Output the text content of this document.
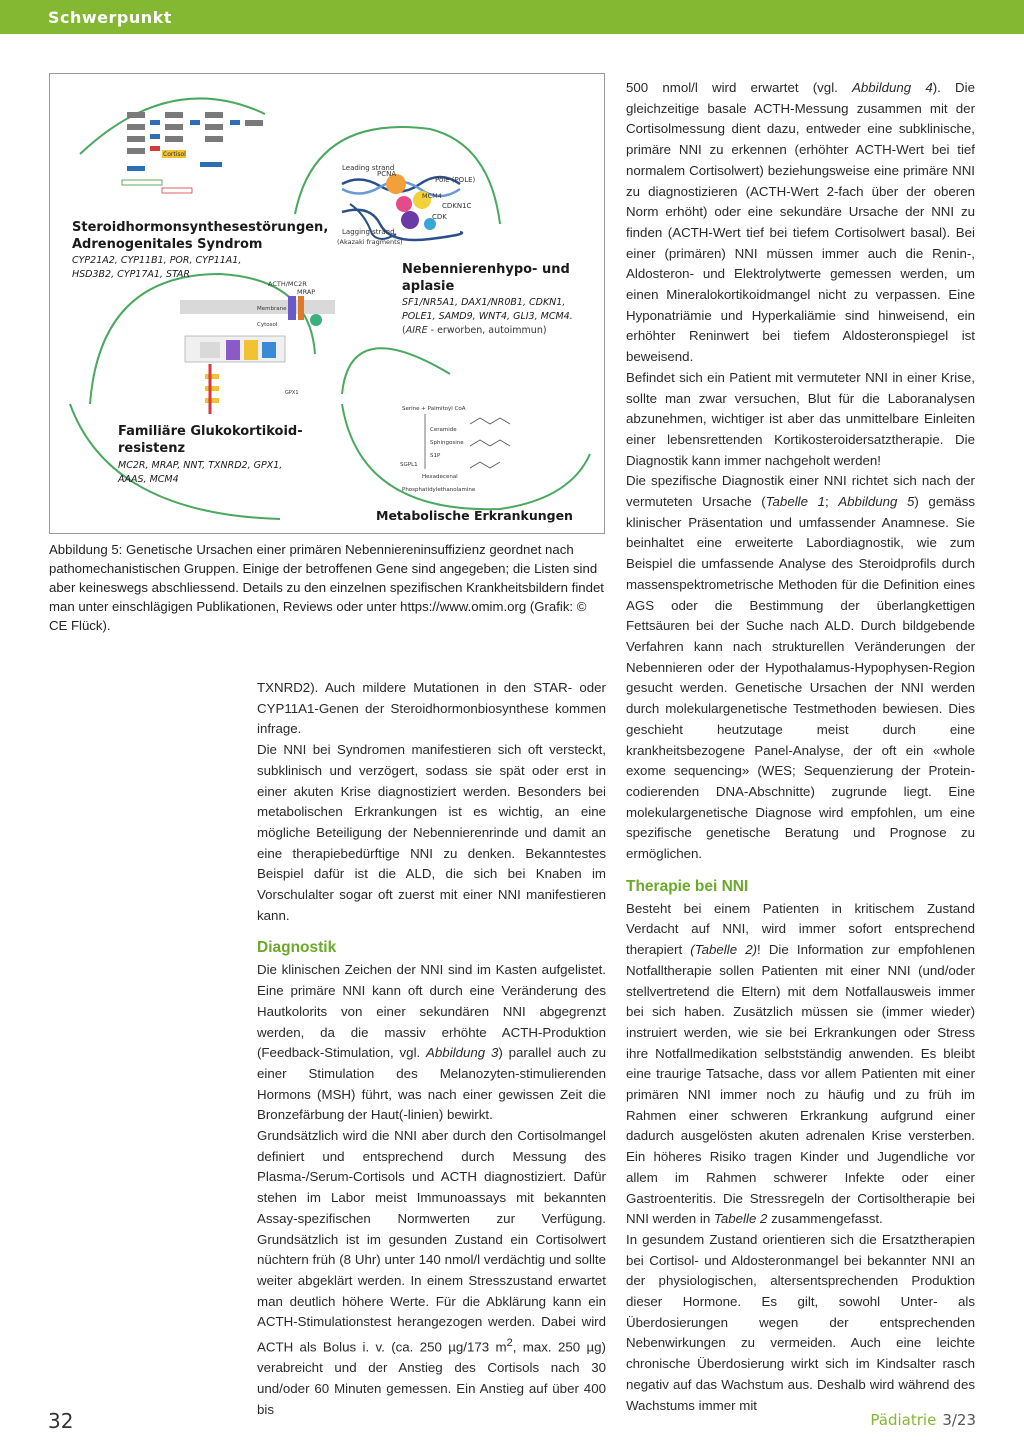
Schwerpunkt
Cortisol
Steroidhormonsynthesestörungen,
Adrenogenitales Syndrom
CYP21A2, CYP11B1, POR, CYP11A1,
HSD3B2, CYP17A1, STAR
Leading strand
PCNA
Pole (POLE)
MCM4
CDKN1C
CDK
Lagging strand
(Akazaki fragments)
Nebennierenhypo- und
aplasie
SF1/NR5A1, DAX1/NR0B1, CDKN1,
POLE1, SAMD9, WNT4, GLI3, MCM4.
(AIRE - erworben, autoimmun)
ACTH/MC2R
MRAP
Membrane
Cytosol
GPX1
Familiäre Glukokortikoid-
resistenz
MC2R, MRAP, NNT, TXNRD2, GPX1,
AAAS, MCM4
Serine + Palmitoyl CoA
Ceramide
Sphingosine
S1P
SGPL1
Hexadecenal
Phosphatidylethanolamine
Metabolische Erkrankungen
Abbildung 5: Genetische Ursachen einer primären Nebenniereninsuffizienz geordnet nach pathomechanistischen Gruppen. Einige der betroffenen Gene sind angegeben; die Listen sind aber keineswegs abschliessend. Details zu den einzelnen spezifischen Krankheitsbildern findet man unter einschlägigen Publikationen, Reviews oder unter https://www.omim.org (Grafik: © CE Flück).

TXNRD2). Auch mildere Mutationen in den STAR- oder CYP11A1-Genen der Steroidhormonbiosynthese kommen infrage.

Die NNI bei Syndromen manifestieren sich oft versteckt, subklinisch und verzögert, sodass sie spät oder erst in einer akuten Krise diagnostiziert werden. Besonders bei metabolischen Erkrankungen ist es wichtig, an eine mögliche Beteiligung der Nebennierenrinde und damit an eine therapiebedürftige NNI zu denken. Bekanntestes Beispiel dafür ist die ALD, die sich bei Knaben im Vorschulalter sogar oft zuerst mit einer NNI manifestieren kann.

Diagnostik

Die klinischen Zeichen der NNI sind im Kasten aufgelistet. Eine primäre NNI kann oft durch eine Veränderung des Hautkolorits von einer sekundären NNI abgegrenzt werden, da die massiv erhöhte ACTH-Produktion (Feedback-Stimulation, vgl. Abbildung 3) parallel auch zu einer Stimulation des Melanozyten-stimulierenden Hormons (MSH) führt, was nach einer gewissen Zeit die Bronzefärbung der Haut(-linien) bewirkt.

Grundsätzlich wird die NNI aber durch den Cortisolmangel definiert und entsprechend durch Messung des Plasma-/Serum-Cortisols und ACTH diagnostiziert. Dafür stehen im Labor meist Immunoassays mit bekannten Assay-spezifischen Normwerten zur Verfügung. Grundsätzlich ist im gesunden Zustand ein Cortisolwert nüchtern früh (8 Uhr) unter 140 nmol/l verdächtig und sollte weiter abgeklärt werden. In einem Stresszustand erwartet man deutlich höhere Werte. Für die Abklärung kann ein ACTH-Stimulationstest herangezogen werden. Dabei wird ACTH als Bolus i. v. (ca. 250 µg/173 $m^2$, max. 250 µg) verabreicht und der Anstieg des Cortisols nach 30 und/oder 60 Minuten gemessen. Ein Anstieg auf über 400 bis

500 nmol/l wird erwartet (vgl. Abbildung 4). Die gleichzeitige basale ACTH-Messung zusammen mit der Cortisolmessung dient dazu, entweder eine subklinische, primäre NNI zu erkennen (erhöhter ACTH-Wert bei tief normalem Cortisolwert) beziehungsweise eine primäre NNI zu diagnostizieren (ACTH-Wert 2-fach über der oberen Norm erhöht) oder eine sekundäre Ursache der NNI zu finden (ACTH-Wert tief bei tiefem Cortisolwert basal). Bei einer (primären) NNI müssen immer auch die Renin-, Aldosteron- und Elektrolytwerte gemessen werden, um einen Mineralokortikoidmangel nicht zu verpassen. Eine Hyponatriämie und Hyperkaliämie sind hinweisend, ein erhöhter Reninwert bei tiefem Aldosteronspiegel ist beweisend.

Befindet sich ein Patient mit vermuteter NNI in einer Krise, sollte man zwar versuchen, Blut für die Laboranalysen abzunehmen, wichtiger ist aber das unmittelbare Einleiten einer lebensrettenden Kortikosteroidersatztherapie. Die Diagnostik kann immer nachgeholt werden!

Die spezifische Diagnostik einer NNI richtet sich nach der vermuteten Ursache (Tabelle 1; Abbildung 5) gemäss klinischer Präsentation und umfassender Anamnese. Sie beinhaltet eine erweiterte Labordiagnostik, wie zum Beispiel die umfassende Analyse des Steroidprofils durch massenspektrometrische Methoden für die Definition eines AGS oder die Bestimmung der überlangkettigen Fettsäuren bei der Suche nach ALD. Durch bildgebende Verfahren kann nach strukturellen Veränderungen der Nebennieren oder der Hypothalamus-Hypophysen-Region gesucht werden. Genetische Ursachen der NNI werden durch molekulargenetische Testmethoden bewiesen. Dies geschieht heutzutage meist durch eine krankheitsbezogene Panel-Analyse, der oft ein «whole exome sequencing» (WES; Sequenzierung der Protein-codierenden DNA-Abschnitte) zugrunde liegt. Eine molekulargenetische Diagnose wird empfohlen, um eine spezifische genetische Beratung und Prognose zu ermöglichen.

Therapie bei NNI

Besteht bei einem Patienten in kritischem Zustand Verdacht auf NNI, wird immer sofort entsprechend therapiert (Tabelle 2)! Die Information zur empfohlenen Notfalltherapie sollen Patienten mit einer NNI (und/oder stellvertretend die Eltern) mit dem Notfallausweis immer bei sich haben. Zusätzlich müssen sie (immer wieder) instruiert werden, wie sie bei Erkrankungen oder Stress ihre Notfallmedikation selbstständig anwenden. Es bleibt eine traurige Tatsache, dass vor allem Patienten mit einer primären NNI immer noch zu häufig und zu früh im Rahmen einer schweren Erkrankung aufgrund einer dadurch ausgelösten akuten adrenalen Krise versterben. Ein höheres Risiko tragen Kinder und Jugendliche vor allem im Rahmen schwerer Infekte oder einer Gastroenteritis. Die Stressregeln der Cortisoltherapie bei NNI werden in Tabelle 2 zusammengefasst.

In gesundem Zustand orientieren sich die Ersatztherapien bei Cortisol- und Aldosteronmangel bei bekannter NNI an der physiologischen, altersentsprechenden Produktion dieser Hormone. Es gilt, sowohl Unter- als Überdosierungen wegen der entsprechenden Nebenwirkungen zu vermeiden. Auch eine leichte chronische Überdosierung wirkt sich im Kindsalter rasch negativ auf das Wachstum aus. Deshalb wird während des Wachstums immer mit

32	Pädiatrie 3/23
